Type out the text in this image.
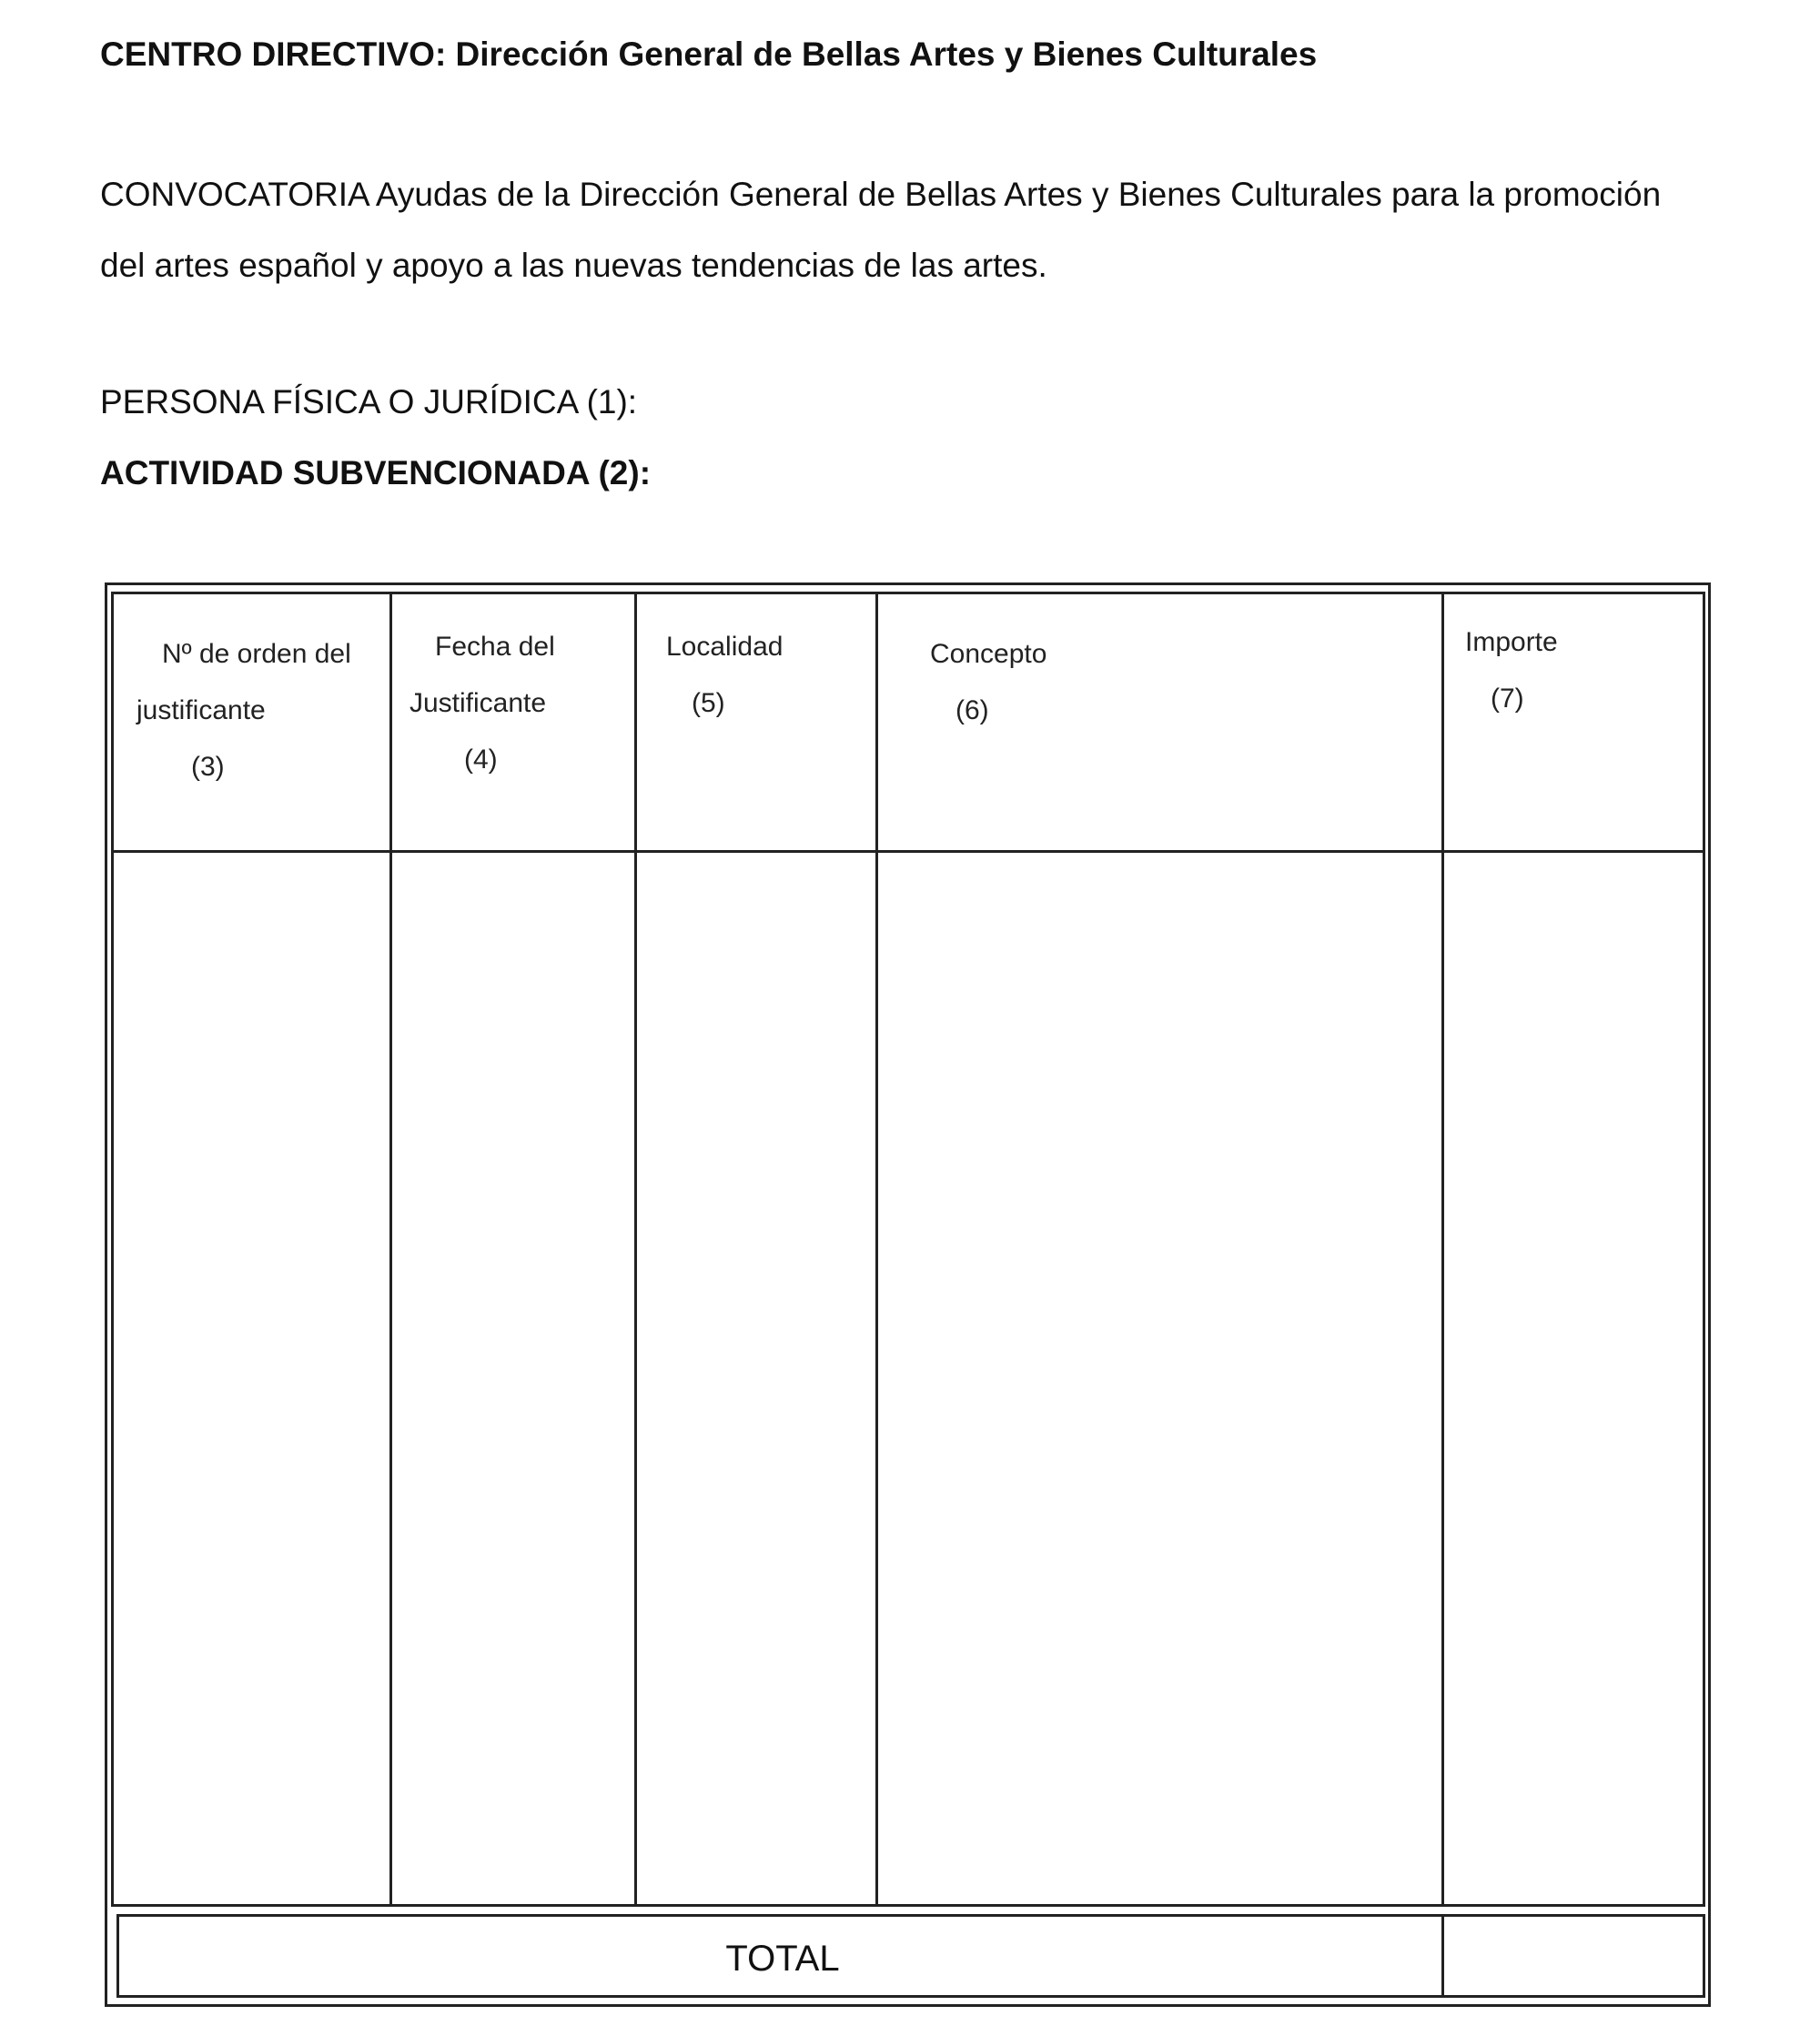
CENTRO DIRECTIVO: Dirección General de Bellas Artes y Bienes Culturales
CONVOCATORIA Ayudas de la Dirección General de Bellas Artes y Bienes Culturales para la promoción
del artes español y apoyo a las nuevas tendencias de las artes.
PERSONA FÍSICA O JURÍDICA (1):
ACTIVIDAD SUBVENCIONADA (2):
Nº de orden del
justificante
(3)
Fecha del
Justificante
(4)
Localidad
(5)
Concepto
(6)
Importe
(7)
TOTAL
